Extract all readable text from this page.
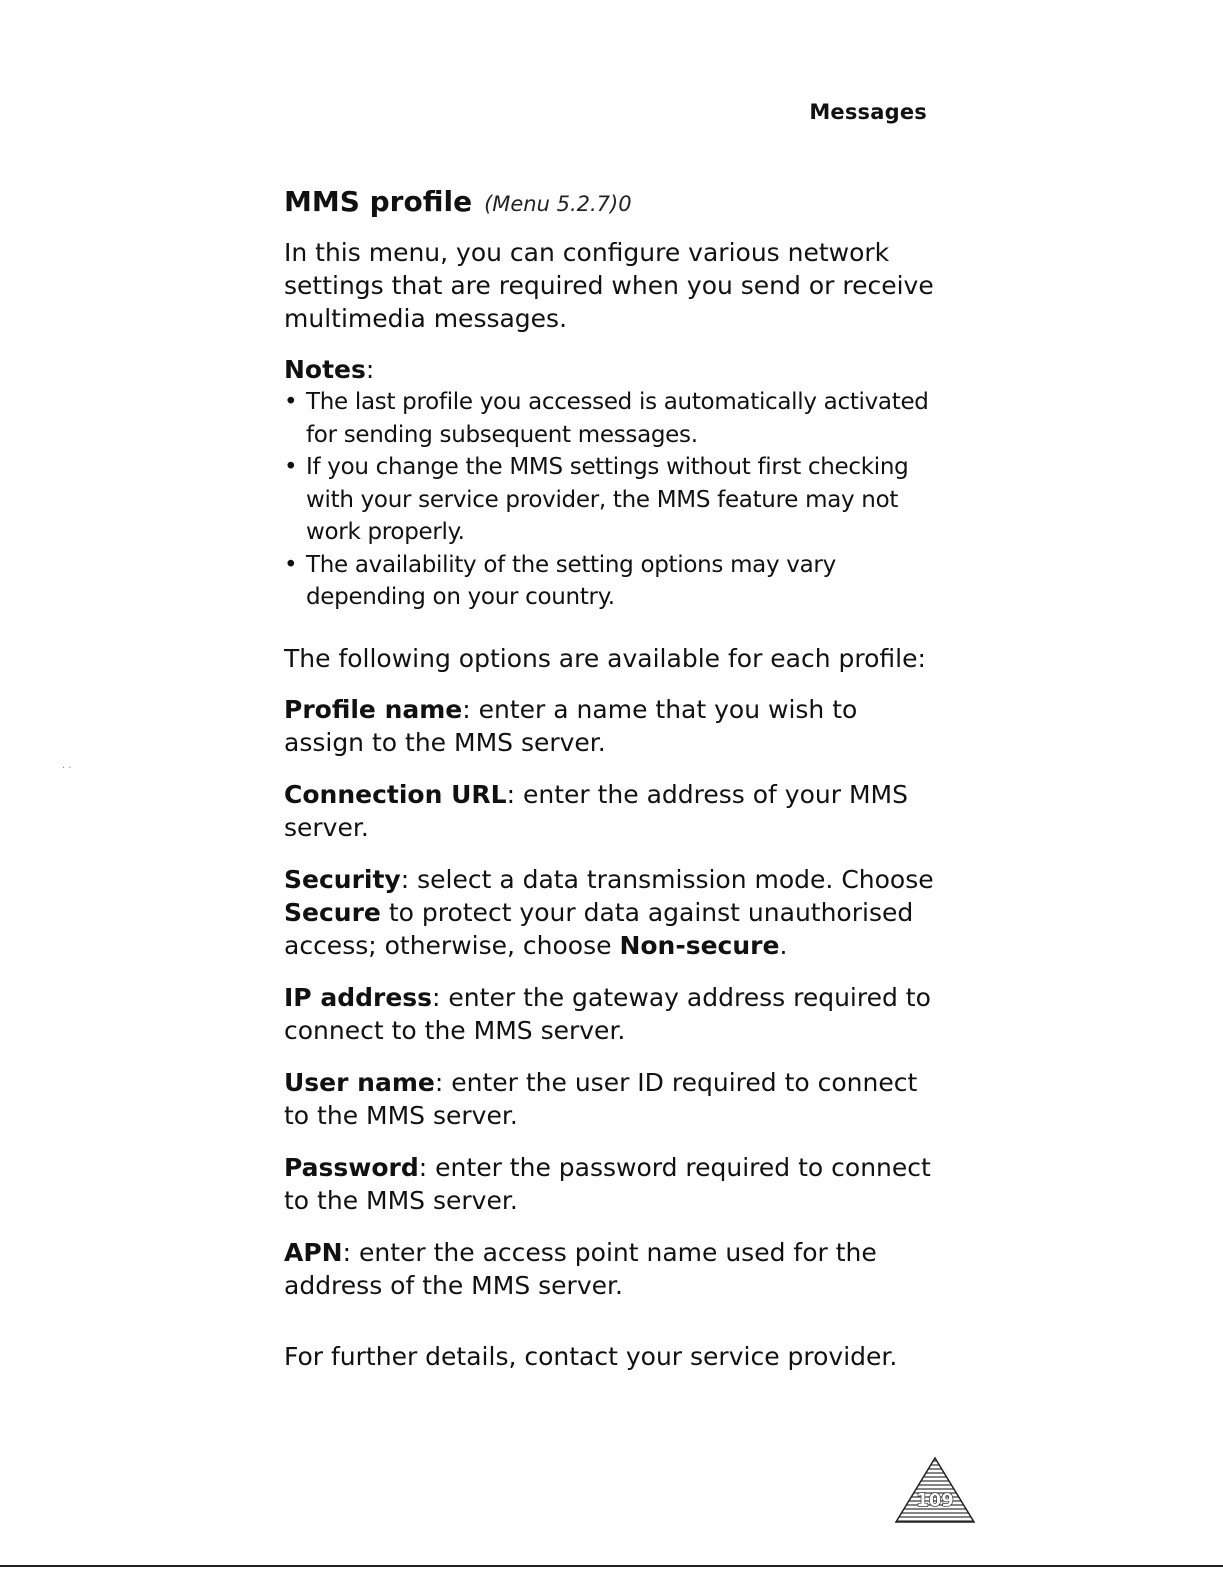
Messages
MMS profile (Menu 5.2.7)0

In this menu, you can configure various network settings that are required when you send or receive multimedia messages.

Notes:
• The last profile you accessed is automatically activated for sending subsequent messages.
• If you change the MMS settings without first checking with your service provider, the MMS feature may not work properly.
• The availability of the setting options may vary depending on your country.

The following options are available for each profile:

Profile name: enter a name that you wish to assign to the MMS server.

Connection URL: enter the address of your MMS server.

Security: select a data transmission mode. Choose Secure to protect your data against unauthorised access; otherwise, choose Non-secure.

IP address: enter the gateway address required to connect to the MMS server.

User name: enter the user ID required to connect to the MMS server.

Password: enter the password required to connect to the MMS server.

APN: enter the access point name used for the address of the MMS server.

For further details, contact your service provider.

. .
109
